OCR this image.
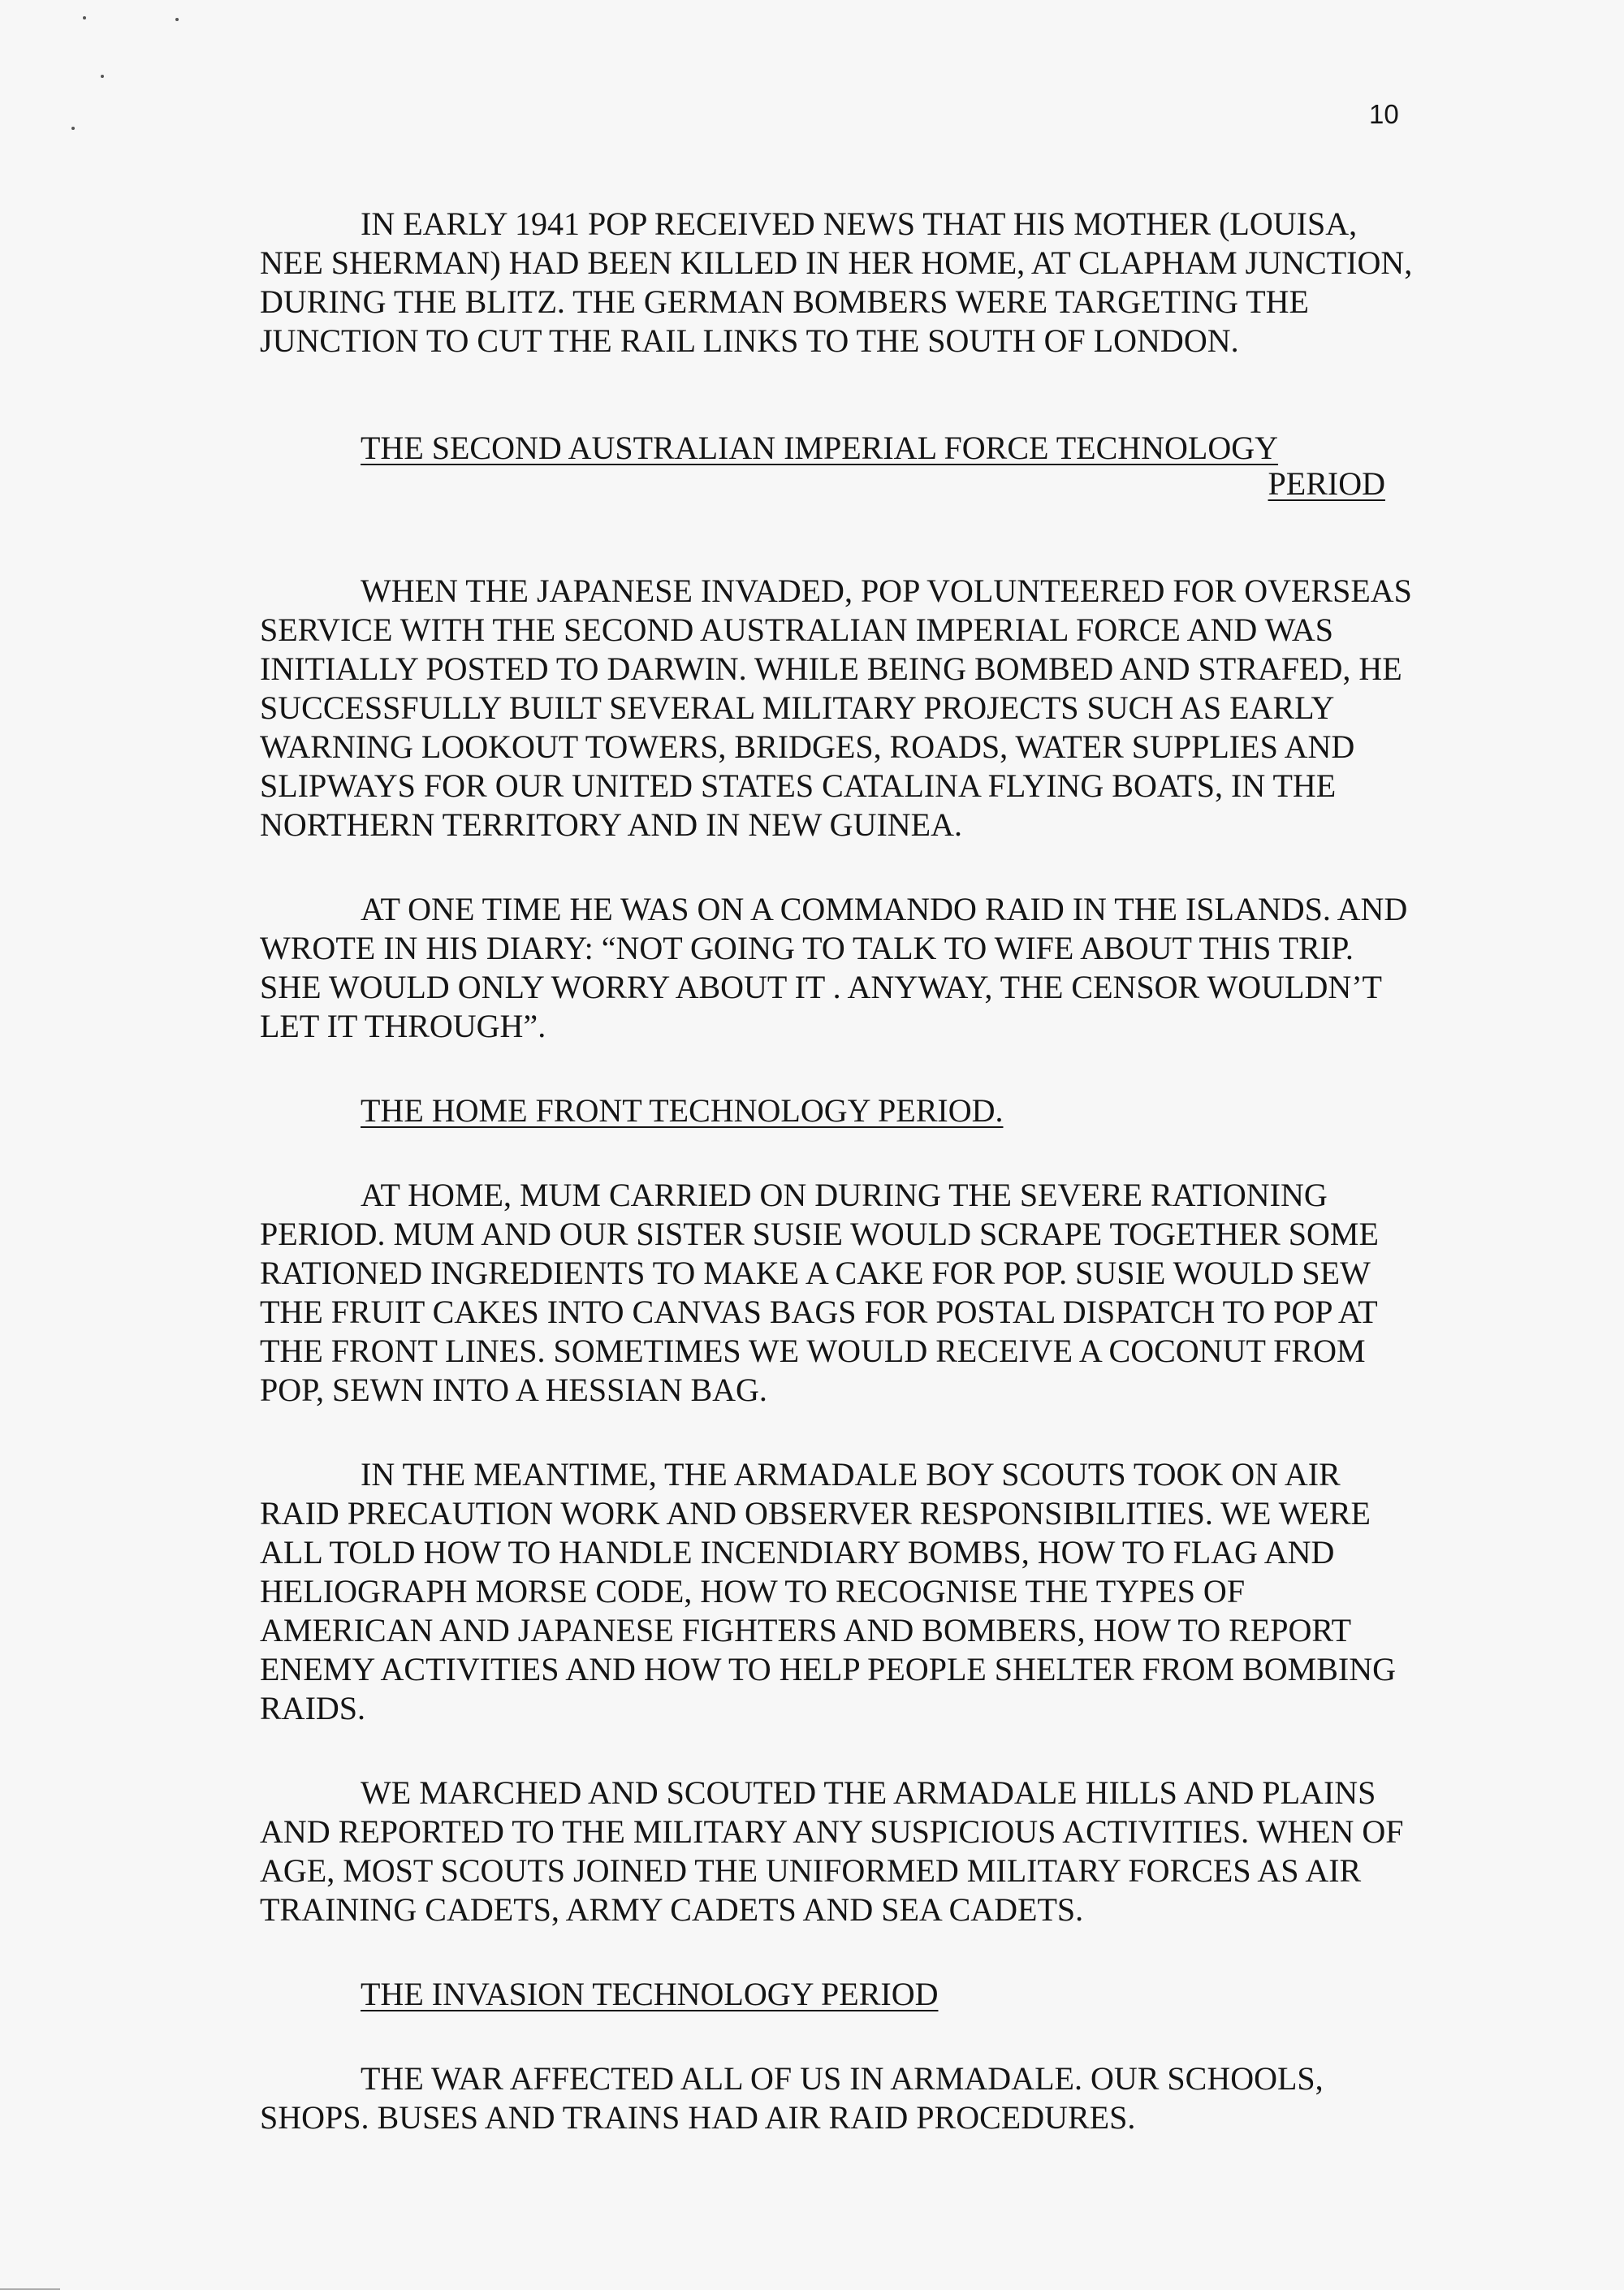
10

IN EARLY 1941 POP RECEIVED NEWS THAT HIS MOTHER (LOUISA, NEE SHERMAN) HAD BEEN KILLED IN HER HOME, AT CLAPHAM JUNCTION, DURING THE BLITZ. THE GERMAN BOMBERS WERE TARGETING THE JUNCTION TO CUT THE RAIL LINKS TO THE SOUTH OF LONDON.

THE SECOND AUSTRALIAN IMPERIAL FORCE TECHNOLOGY
PERIOD

WHEN THE JAPANESE INVADED, POP VOLUNTEERED FOR OVERSEAS SERVICE WITH THE SECOND AUSTRALIAN IMPERIAL FORCE AND WAS INITIALLY POSTED TO DARWIN. WHILE BEING BOMBED AND STRAFED, HE SUCCESSFULLY BUILT SEVERAL MILITARY PROJECTS SUCH AS EARLY WARNING LOOKOUT TOWERS, BRIDGES, ROADS, WATER SUPPLIES AND SLIPWAYS FOR OUR UNITED STATES CATALINA FLYING BOATS, IN THE NORTHERN TERRITORY AND IN NEW GUINEA.

AT ONE TIME HE WAS ON A COMMANDO RAID IN THE ISLANDS. AND WROTE IN HIS DIARY: “NOT GOING TO TALK TO WIFE ABOUT THIS TRIP. SHE WOULD ONLY WORRY ABOUT IT . ANYWAY, THE CENSOR WOULDN’T LET IT THROUGH”.

THE HOME FRONT TECHNOLOGY PERIOD.

AT HOME, MUM CARRIED ON DURING THE SEVERE RATIONING PERIOD. MUM AND OUR SISTER SUSIE WOULD SCRAPE TOGETHER SOME RATIONED INGREDIENTS TO MAKE A CAKE FOR POP. SUSIE WOULD SEW THE FRUIT CAKES INTO CANVAS BAGS FOR POSTAL DISPATCH TO POP AT THE FRONT LINES. SOMETIMES WE WOULD RECEIVE A COCONUT FROM POP, SEWN INTO A HESSIAN BAG.

IN THE MEANTIME, THE ARMADALE BOY SCOUTS TOOK ON AIR RAID PRECAUTION WORK AND OBSERVER RESPONSIBILITIES. WE WERE ALL TOLD HOW TO HANDLE INCENDIARY BOMBS, HOW TO FLAG AND HELIOGRAPH MORSE CODE, HOW TO RECOGNISE THE TYPES OF AMERICAN AND JAPANESE FIGHTERS AND BOMBERS, HOW TO REPORT ENEMY ACTIVITIES AND HOW TO HELP PEOPLE SHELTER FROM BOMBING RAIDS.

WE MARCHED AND SCOUTED THE ARMADALE HILLS AND PLAINS AND REPORTED TO THE MILITARY ANY SUSPICIOUS ACTIVITIES. WHEN OF AGE, MOST SCOUTS JOINED THE UNIFORMED MILITARY FORCES AS AIR TRAINING CADETS, ARMY CADETS AND SEA CADETS.

THE INVASION TECHNOLOGY PERIOD

THE WAR AFFECTED ALL OF US IN ARMADALE. OUR SCHOOLS, SHOPS. BUSES AND TRAINS HAD AIR RAID PROCEDURES.
